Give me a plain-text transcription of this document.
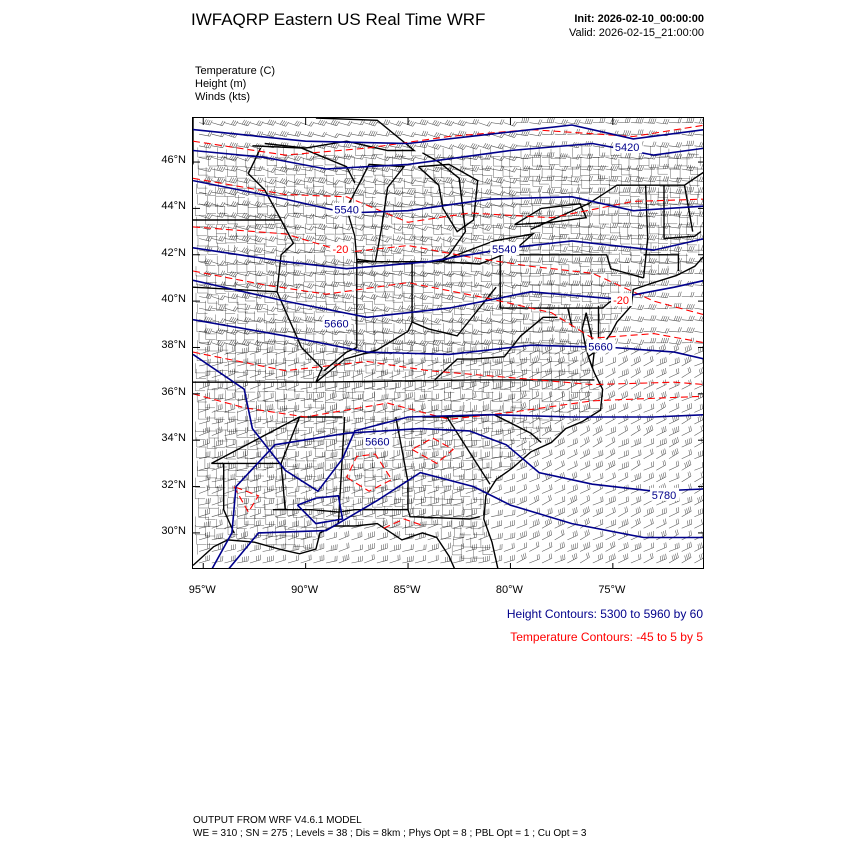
IWFAQRP Eastern US Real Time WRF	Init: 2026-02-10_00:00:00
Valid: 2026-02-15_21:00:00
Temperature (C)
Height (m)
Winds (kts)
5420
5540
5540
5660
5660
5660
5780
-20
-20
46°N
44°N
42°N
40°N
38°N
36°N
34°N
32°N
30°N
95°W	90°W	85°W	80°W	75°W
Height Contours: 5300 to 5960 by 60
Temperature Contours: -45 to 5 by 5
OUTPUT FROM WRF V4.6.1 MODEL
WE = 310 ; SN = 275 ; Levels = 38 ; Dis = 8km ; Phys Opt = 8 ; PBL Opt = 1 ; Cu Opt = 3
